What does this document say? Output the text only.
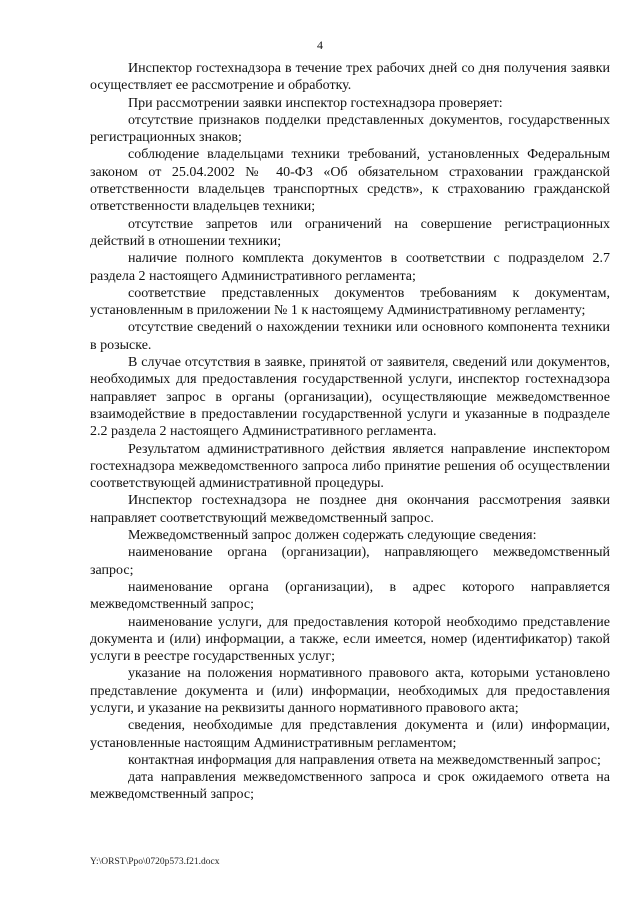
4

Инспектор гостехнадзора в течение трех рабочих дней со дня получения заявки осуществляет ее рассмотрение и обработку.

При рассмотрении заявки инспектор гостехнадзора проверяет:

отсутствие признаков подделки представленных документов, государственных регистрационных знаков;

соблюдение владельцами техники требований, установленных Федеральным законом от 25.04.2002 № 40-ФЗ «Об обязательном страховании гражданской ответственности владельцев транспортных средств», к страхованию гражданской ответственности владельцев техники;

отсутствие запретов или ограничений на совершение регистрационных действий в отношении техники;

наличие полного комплекта документов в соответствии с подразделом 2.7 раздела 2 настоящего Административного регламента;

соответствие представленных документов требованиям к документам, установленным в приложении № 1 к настоящему Административному регламенту;

отсутствие сведений о нахождении техники или основного компонента техники в розыске.

В случае отсутствия в заявке, принятой от заявителя, сведений или документов, необходимых для предоставления государственной услуги, инспектор гостехнадзора направляет запрос в органы (организации), осуществляющие межведомственное взаимодействие в предоставлении государственной услуги и указанные в подразделе 2.2 раздела 2 настоящего Административного регламента.

Результатом административного действия является направление инспектором гостехнадзора межведомственного запроса либо принятие решения об осуществлении соответствующей административной процедуры.

Инспектор гостехнадзора не позднее дня окончания рассмотрения заявки направляет соответствующий межведомственный запрос.

Межведомственный запрос должен содержать следующие сведения:

наименование органа (организации), направляющего межведомственный запрос;

наименование органа (организации), в адрес которого направляется межведомственный запрос;

наименование услуги, для предоставления которой необходимо представление документа и (или) информации, а также, если имеется, номер (идентификатор) такой услуги в реестре государственных услуг;

указание на положения нормативного правового акта, которыми установлено представление документа и (или) информации, необходимых для предоставления услуги, и указание на реквизиты данного нормативного правового акта;

сведения, необходимые для представления документа и (или) информации, установленные настоящим Административным регламентом;

контактная информация для направления ответа на межведомственный запрос;

дата направления межведомственного запроса и срок ожидаемого ответа на межведомственный запрос;

Y:\ORST\Ppo\0720p573.f21.docx
